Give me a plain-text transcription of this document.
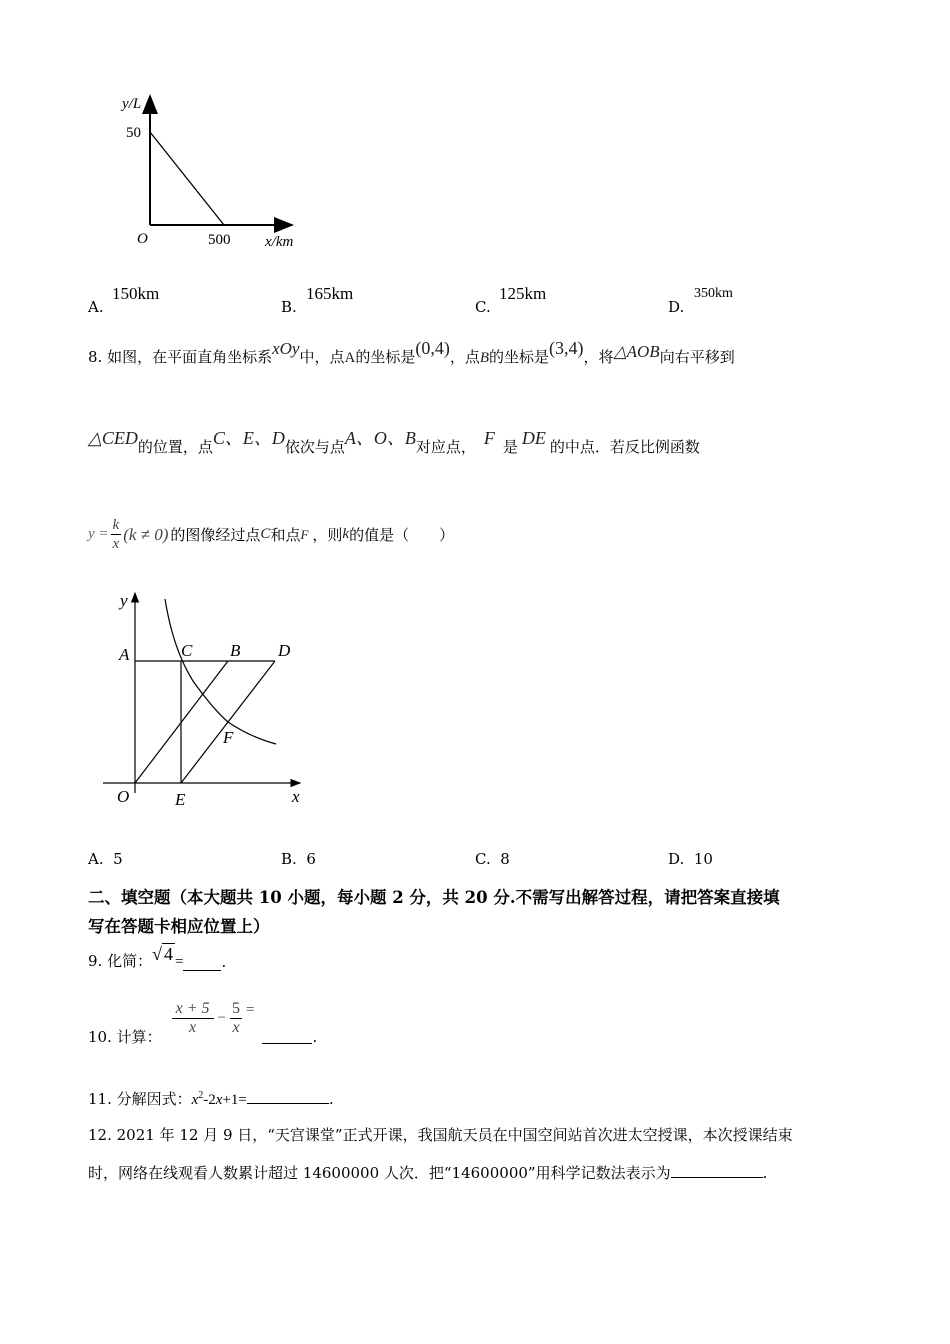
y/L
50
O	500 x/km
A.
150km
B.
165km
C.
125km
D.
350km
8. 如图，在平面直角坐标系xOy中，点A的坐标是(0,4)，点B的坐标是(3,4)，将△AOB向右平移到
△CED的位置，点C、E、D依次与点A、O、B对应点， F 是 DE 的中点．若反比例函数
$y = \frac{k}{x} (k \ne 0)$ 的图像经过点 C 和点 F ，则 k 的值是（　　）
y
A	C B D
F
O	E	x
A. 5	B. 6	C. 8	D. 10
二、填空题（本大题共 10 小题，每小题 2 分，共 20 分.不需写出解答过程，请把答案直接填
写在答题卡相应位置上）
9. 化简： √ 4 =	.
10. 计算： $\frac{x + 5}{x} - \frac{5}{x}$ =
.
11. 分解因式：$x^2-2x+1=$	.
12. 2021 年 12 月 9 日，“天宫课堂”正式开课，我国航天员在中国空间站首次进太空授课，本次授课结束
时，网络在线观看人数累计超过 14600000 人次．把“14600000”用科学记数法表示为	.
